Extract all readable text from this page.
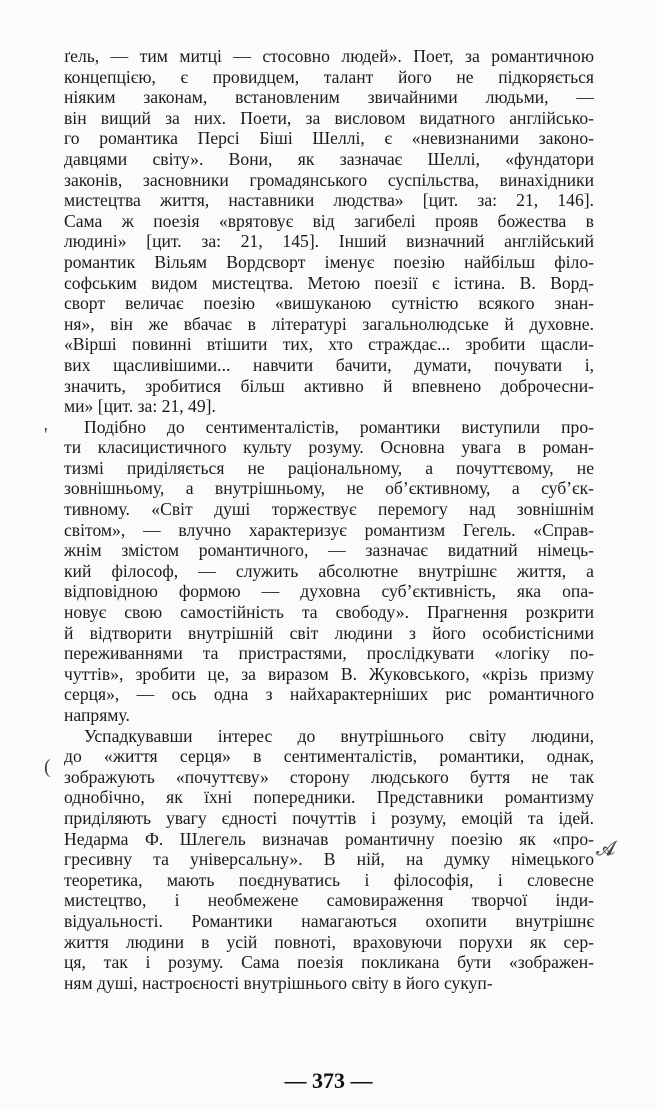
ґель, — тим митці — стосовно людей». Поет, за романтичною
концепцією, є провидцем, талант його не підкоряється
ніяким законам, встановленим звичайними людьми, —
він вищий за них. Поети, за висловом видатного англійсько-
го романтика Персі Біші Шеллі, є «невизнаними законо-
давцями світу». Вони, як зазначає Шеллі, «фундатори
законів, засновники громадянського суспільства, винахідники
мистецтва життя, наставники людства» [цит. за: 21, 146].
Сама ж поезія «врятовує від загибелі прояв божества в
людині» [цит. за: 21, 145]. Інший визначний англійський
романтик Вільям Вордсворт іменує поезію найбільш філо-
софським видом мистецтва. Метою поезії є істина. В. Ворд-
сворт величає поезію «вишуканою сутністю всякого знан-
ня», він же вбачає в літературі загальнолюдське й духовне.
«Вірші повинні втішити тих, хто страждає... зробити щасли-
вих щасливішими... навчити бачити, думати, почувати і,
значить, зробитися більш активно й впевнено доброчесни-
ми» [цит. за: 21, 49].

Подібно до сентименталістів, романтики виступили про-
ти класицистичного культу розуму. Основна увага в роман-
тизмі приділяється не раціональному, а почуттєвому, не
зовнішньому, а внутрішньому, не об’єктивному, а суб’єк-
тивному. «Світ душі торжествує перемогу над зовнішнім
світом», — влучно характеризує романтизм Гегель. «Справ-
жнім змістом романтичного, — зазначає видатний німець-
кий філософ, — служить абсолютне внутрішнє життя, а
відповідною формою — духовна суб’єктивність, яка опа-
новує свою самостійність та свободу». Прагнення розкрити
й відтворити внутрішній світ людини з його особистісними
переживаннями та пристрастями, прослідкувати «логіку по-
чуттів», зробити це, за виразом В. Жуковського, «крізь призму
серця», — ось одна з найхарактерніших рис романтичного
напряму.

Успадкувавши інтерес до внутрішнього світу людини,
до «життя серця» в сентименталістів, романтики, однак,
зображують «почуттєву» сторону людського буття не так
однобічно, як їхні попередники. Представники романтизму
приділяють увагу єдності почуттів і розуму, емоцій та ідей.
Недарма Ф. Шлегель визначав романтичну поезію як «про-
гресивну та універсальну». В ній, на думку німецького
теоретика, мають поєднуватись і філософія, і словесне
мистецтво, і необмежене самовираження творчої інди-
відуальності. Романтики намагаються охопити внутрішнє
життя людини в усій повноті, враховуючи порухи як сер-
ця, так і розуму. Сама поезія покликана бути «зображен-
ням душі, настроєності внутрішнього світу в його сукуп-

'
(
𝓐
— 373 —
